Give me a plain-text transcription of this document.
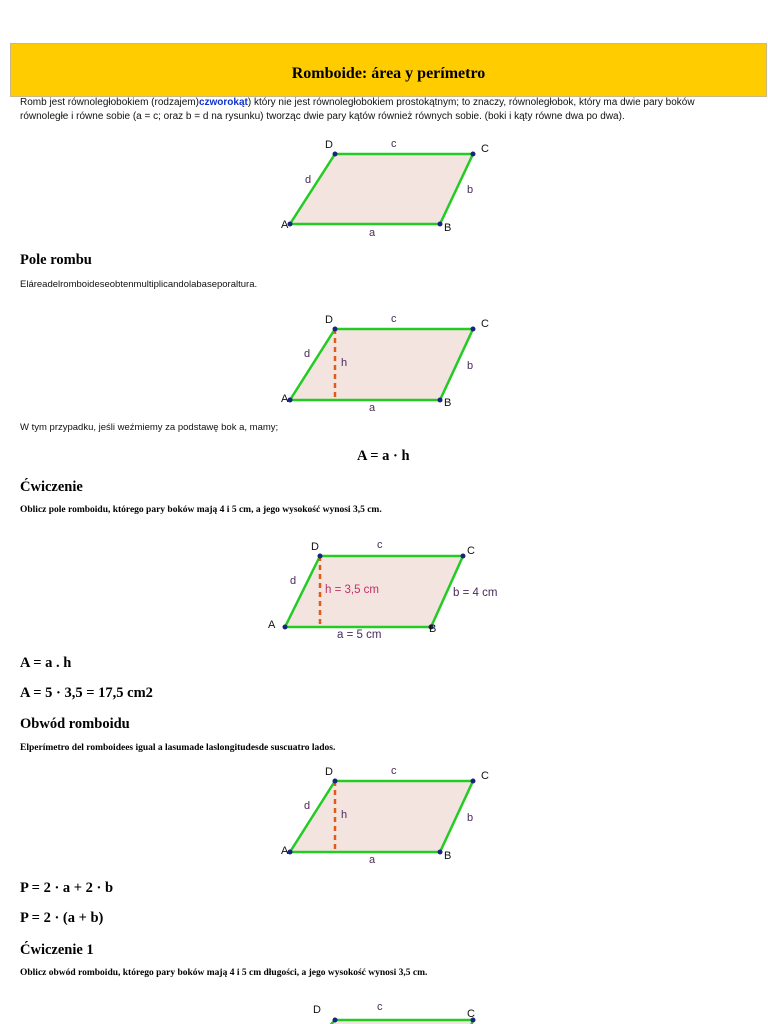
Romboide: área y perímetro
Romb jest równoległobokiem (rodzajem)czworokąt) który nie jest równoległobokiem prostokątnym; to znaczy, równoległobok, który ma dwie pary boków równoległe i równe sobie (a = c; oraz b = d na rysunku) tworząc dwie pary kątów również równych sobie. (boki i kąty równe dwa po dwa).
D	C
B
A
c
b
a
d
Pole rombu
Eláreadelromboideseobtenmultiplicandolabaseporaltura.
D	C
B
A
c
b
a
d
h
W tym przypadku, jeśli weźmiemy za podstawę bok a, mamy;
A = a · h
Ćwiczenie
Oblicz pole romboidu, którego pary boków mają 4 i 5 cm, a jego wysokość wynosi 3,5 cm.
D	C
B
A
c
d
h = 3,5 cm	b = 4 cm
a = 5 cm
A = a . h
A = 5 · 3,5 = 17,5 cm2
Obwód romboidu
Elperímetro del romboidees igual a lasumade laslongitudesde suscuatro lados.
D	C
B
A
c
b
a
d
h
P = 2 · a + 2 · b
P = 2 · (a + b)
Ćwiczenie 1
Oblicz obwód romboidu, którego pary boków mają 4 i 5 cm długości, a jego wysokość wynosi 3,5 cm.
D	C
c
